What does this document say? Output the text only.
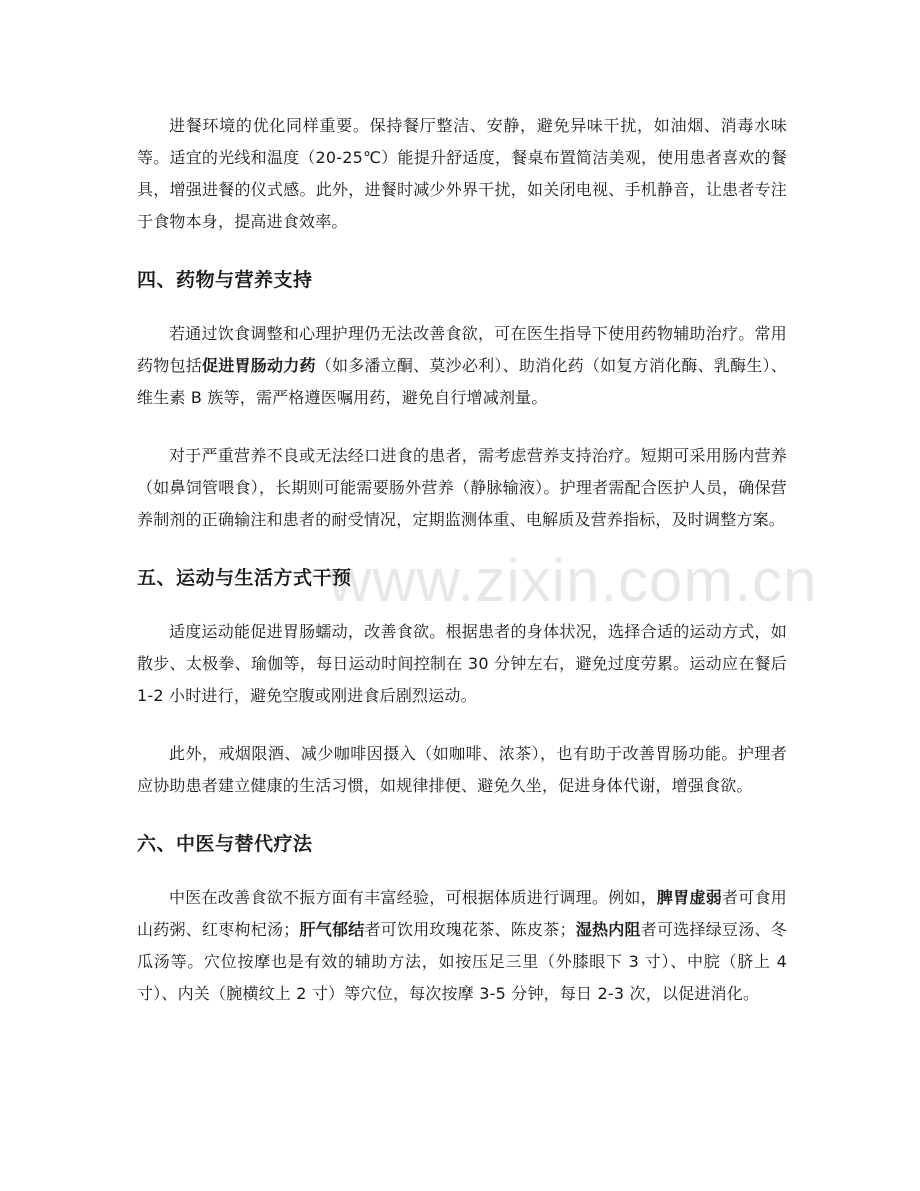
进餐环境的优化同样重要。保持餐厅整洁、安静，避免异味干扰，如油烟、消毒水味等。适宜的光线和温度（20-25℃）能提升舒适度，餐桌布置简洁美观，使用患者喜欢的餐具，增强进餐的仪式感。此外，进餐时减少外界干扰，如关闭电视、手机静音，让患者专注于食物本身，提高进食效率。

四、药物与营养支持

若通过饮食调整和心理护理仍无法改善食欲，可在医生指导下使用药物辅助治疗。常用药物包括促进胃肠动力药（如多潘立酮、莫沙必利）、助消化药（如复方消化酶、乳酶生）、维生素 B 族等，需严格遵医嘱用药，避免自行增减剂量。

对于严重营养不良或无法经口进食的患者，需考虑营养支持治疗。短期可采用肠内营养（如鼻饲管喂食），长期则可能需要肠外营养（静脉输液）。护理者需配合医护人员，确保营养制剂的正确输注和患者的耐受情况，定期监测体重、电解质及营养指标，及时调整方案。

五、运动与生活方式干预

适度运动能促进胃肠蠕动，改善食欲。根据患者的身体状况，选择合适的运动方式，如散步、太极拳、瑜伽等，每日运动时间控制在 30 分钟左右，避免过度劳累。运动应在餐后 1-2 小时进行，避免空腹或刚进食后剧烈运动。

此外，戒烟限酒、减少咖啡因摄入（如咖啡、浓茶），也有助于改善胃肠功能。护理者应协助患者建立健康的生活习惯，如规律排便、避免久坐，促进身体代谢，增强食欲。

六、中医与替代疗法

中医在改善食欲不振方面有丰富经验，可根据体质进行调理。例如，脾胃虚弱者可食用山药粥、红枣枸杞汤；肝气郁结者可饮用玫瑰花茶、陈皮茶；湿热内阻者可选择绿豆汤、冬瓜汤等。穴位按摩也是有效的辅助方法，如按压足三里（外膝眼下 3 寸）、中脘（脐上 4 寸）、内关（腕横纹上 2 寸）等穴位，每次按摩 3-5 分钟，每日 2-3 次，以促进消化。

www.zixin.com.cn
